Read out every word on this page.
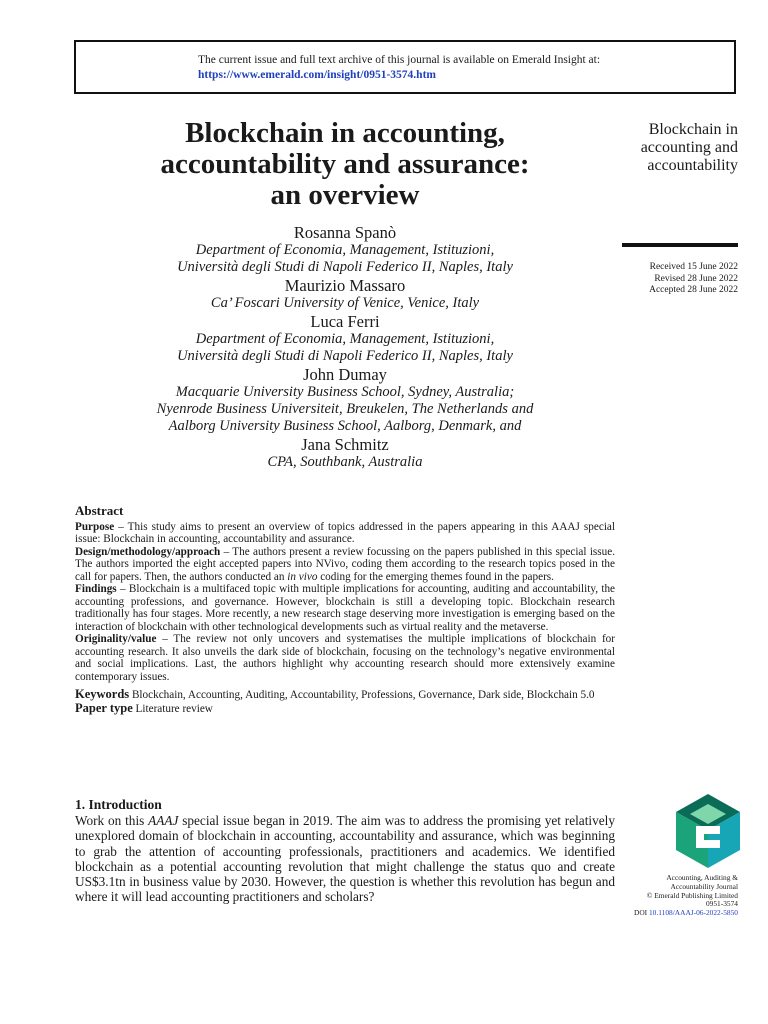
The current issue and full text archive of this journal is available on Emerald Insight at:
https://www.emerald.com/insight/0951-3574.htm
Blockchain in accounting,
accountability and assurance:
an overview
Rosanna Spanò
Department of Economia, Management, Istituzioni,
Università degli Studi di Napoli Federico II, Naples, Italy
Maurizio Massaro
Ca’ Foscari University of Venice, Venice, Italy
Luca Ferri
Department of Economia, Management, Istituzioni,
Università degli Studi di Napoli Federico II, Naples, Italy
John Dumay
Macquarie University Business School, Sydney, Australia;
Nyenrode Business Universiteit, Breukelen, The Netherlands and
Aalborg University Business School, Aalborg, Denmark, and
Jana Schmitz
CPA, Southbank, Australia
Blockchain in
accounting and
accountability
Received 15 June 2022
Revised 28 June 2022
Accepted 28 June 2022
Abstract

Purpose – This study aims to present an overview of topics addressed in the papers appearing in this AAAJ special issue: Blockchain in accounting, accountability and assurance.

Design/methodology/approach – The authors present a review focussing on the papers published in this special issue. The authors imported the eight accepted papers into NVivo, coding them according to the research topics posed in the call for papers. Then, the authors conducted an in vivo coding for the emerging themes found in the papers.

Findings – Blockchain is a multifaced topic with multiple implications for accounting, auditing and accountability, the accounting professions, and governance. However, blockchain is still a developing topic. Blockchain research traditionally has four stages. More recently, a new research stage deserving more investigation is emerging based on the interaction of blockchain with other technological developments such as virtual reality and the metaverse.

Originality/value – The review not only uncovers and systematises the multiple implications of blockchain for accounting research. It also unveils the dark side of blockchain, focusing on the technology’s negative environmental and social implications. Last, the authors highlight why accounting research should more extensively examine contemporary issues.

Keywords Blockchain, Accounting, Auditing, Accountability, Professions, Governance, Dark side, Blockchain 5.0

Paper type Literature review

1. Introduction

Work on this AAAJ special issue began in 2019. The aim was to address the promising yet relatively unexplored domain of blockchain in accounting, accountability and assurance, which was beginning to grab the attention of accounting professionals, practitioners and academics. We identified blockchain as a potential accounting revolution that might challenge the status quo and create US$3.1tn in business value by 2030. However, the question is whether this revolution has begun and where it will lead accounting practitioners and scholars?

Accounting, Auditing &
Accountability Journal
© Emerald Publishing Limited
0951-3574
DOI 10.1108/AAAJ-06-2022-5850
